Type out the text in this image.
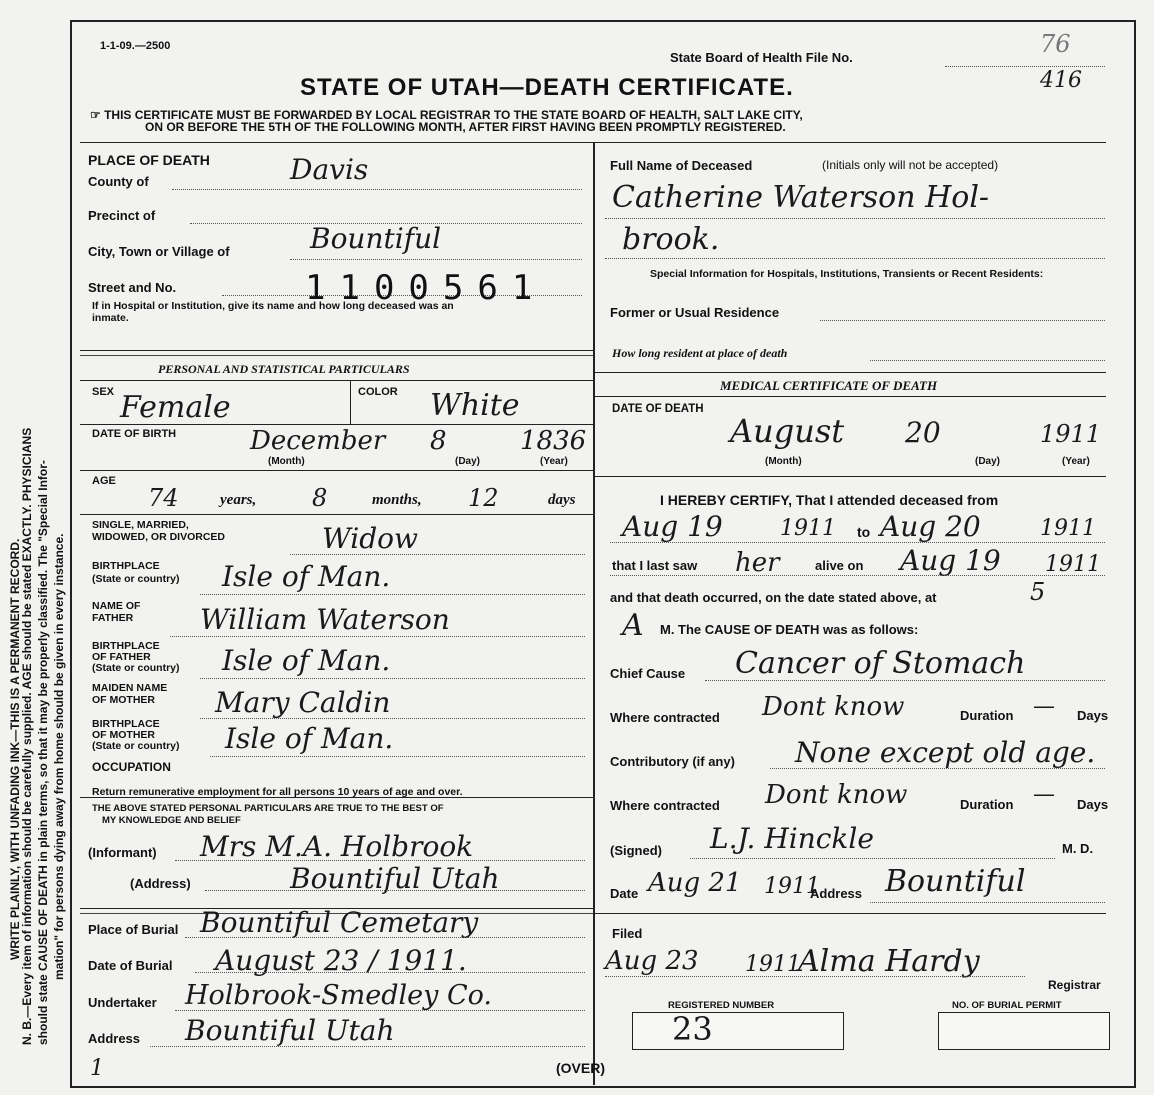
WRITE PLAINLY, WITH UNFADING INK—THIS IS A PERMANENT RECORD.
N. B.—Every item of information should be carefully supplied. AGE should be stated EXACTLY. PHYSICIANS should state CAUSE OF DEATH in plain terms, so that it may be properly classified. The "Special Infor- mation" for persons dying away from home should be given in every instance.
1-1-09.—2500
State Board of Health File No.	76
416
STATE OF UTAH—DEATH CERTIFICATE.
☞ THIS CERTIFICATE MUST BE FORWARDED BY LOCAL REGISTRAR TO THE STATE BOARD OF HEALTH, SALT LAKE CITY,
ON OR BEFORE THE 5TH OF THE FOLLOWING MONTH, AFTER FIRST HAVING BEEN PROMPTLY REGISTERED.
PLACE OF DEATH
County of	Davis
Precinct of
City, Town or Village of	Bountiful
Street and No.	1100561
If in Hospital or Institution, give its name and how long deceased was an
inmate.
Full Name of Deceased	(Initials only will not be accepted)
Catherine Waterson Hol-
brook.
Special Information for Hospitals, Institutions, Transients or Recent Residents:
Former or Usual Residence
How long resident at place of death
PERSONAL AND STATISTICAL PARTICULARS
SEX Female	COLOR White
DATE OF BIRTH	December 8	1836
(Month)	(Day)	(Year)
AGE
74	years, 8	months, 12	days
SINGLE, MARRIED,
WIDOWED, OR DIVORCED	Widow
BIRTHPLACE
(State or country) Isle of Man.
NAME OF
FATHER William Waterson
BIRTHPLACE
OF FATHER
(State or country) Isle of Man.
MAIDEN NAME
OF MOTHER Mary Caldin
BIRTHPLACE
OF MOTHER
(State or country) Isle of Man.
OCCUPATION
Return remunerative employment for all persons 10 years of age and over.
THE ABOVE STATED PERSONAL PARTICULARS ARE TRUE TO THE BEST OF
MY KNOWLEDGE AND BELIEF
(Informant) Mrs M.A. Holbrook
(Address)	Bountiful Utah
Place of Burial Bountiful Cemetary
Date of Burial August 23 / 1911.
Undertaker Holbrook-Smedley Co.
Address Bountiful Utah
MEDICAL CERTIFICATE OF DEATH
DATE OF DEATH
August 20	1911
(Month)	(Day)	(Year)
I HEREBY CERTIFY, That I attended deceased from
Aug 19	1911 to Aug 20	1911
that I last saw her	alive on Aug 19 1911
and that death occurred, on the date stated above, at	5
A M. The CAUSE OF DEATH was as follows:
Chief Cause Cancer of Stomach
Where contracted Dont know	Duration — Days
Contributory (if any) None except old age.
Where contracted Dont know	Duration — Days
(Signed) L.J. Hinckle	M. D.
Date Aug 21 1911
Address Bountiful
Filed
Aug 23 1911
Alma Hardy
Registrar
REGISTERED NUMBER
23
NO. OF BURIAL PERMIT
1	(OVER)
